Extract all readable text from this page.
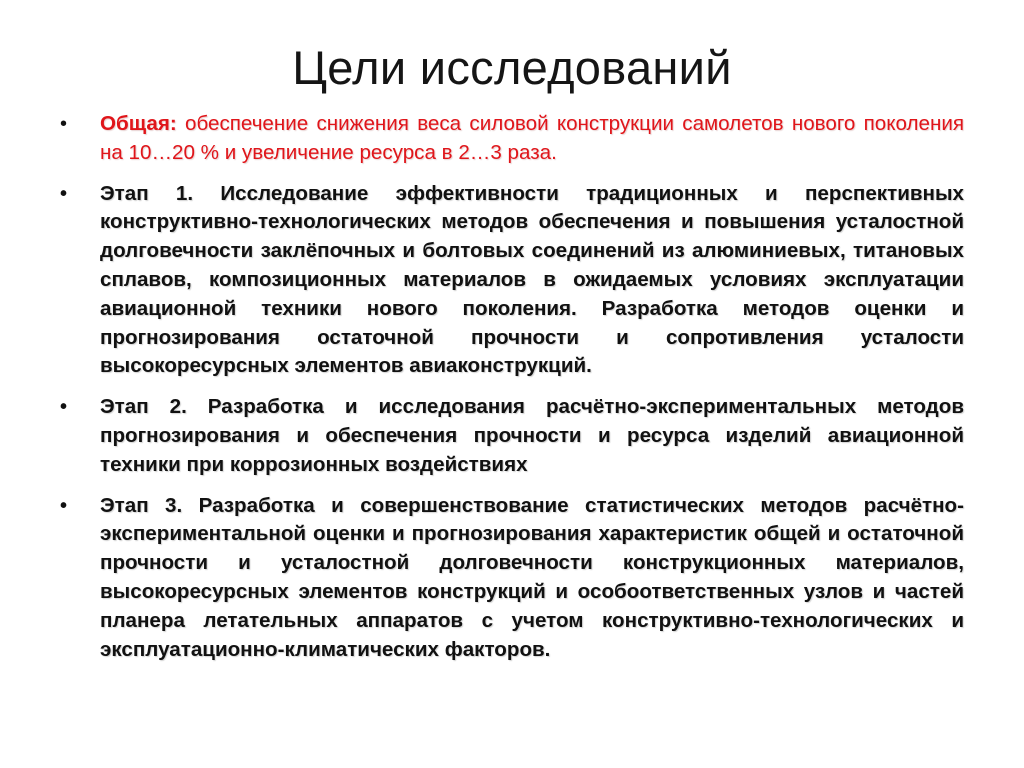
Цели исследований
•	Общая: обеспечение снижения веса силовой конструкции самолетов нового поколения на 10…20 % и увеличение ресурса в 2…3 раза.
•	Этап 1. Исследование эффективности традиционных и перспективных конструктивно-технологических методов обеспечения и повышения усталостной долговечности заклёпочных и болтовых соединений из алюминиевых, титановых сплавов, композиционных материалов в ожидаемых условиях эксплуатации авиационной техники нового поколения. Разработка методов оценки и прогнозирования остаточной прочности и сопротивления усталости высокоресурсных элементов авиаконструкций.
•	Этап 2. Разработка и исследования расчётно-экспериментальных методов прогнозирования и обеспечения прочности и ресурса изделий авиационной техники при коррозионных воздействиях
•	Этап 3. Разработка и совершенствование статистических методов расчётно-экспериментальной оценки и прогнозирования характеристик общей и остаточной прочности и усталостной долговечности конструкционных материалов, высокоресурсных элементов конструкций и особоответственных узлов и частей планера летательных аппаратов с учетом конструктивно-технологических и эксплуатационно-климатических факторов.
